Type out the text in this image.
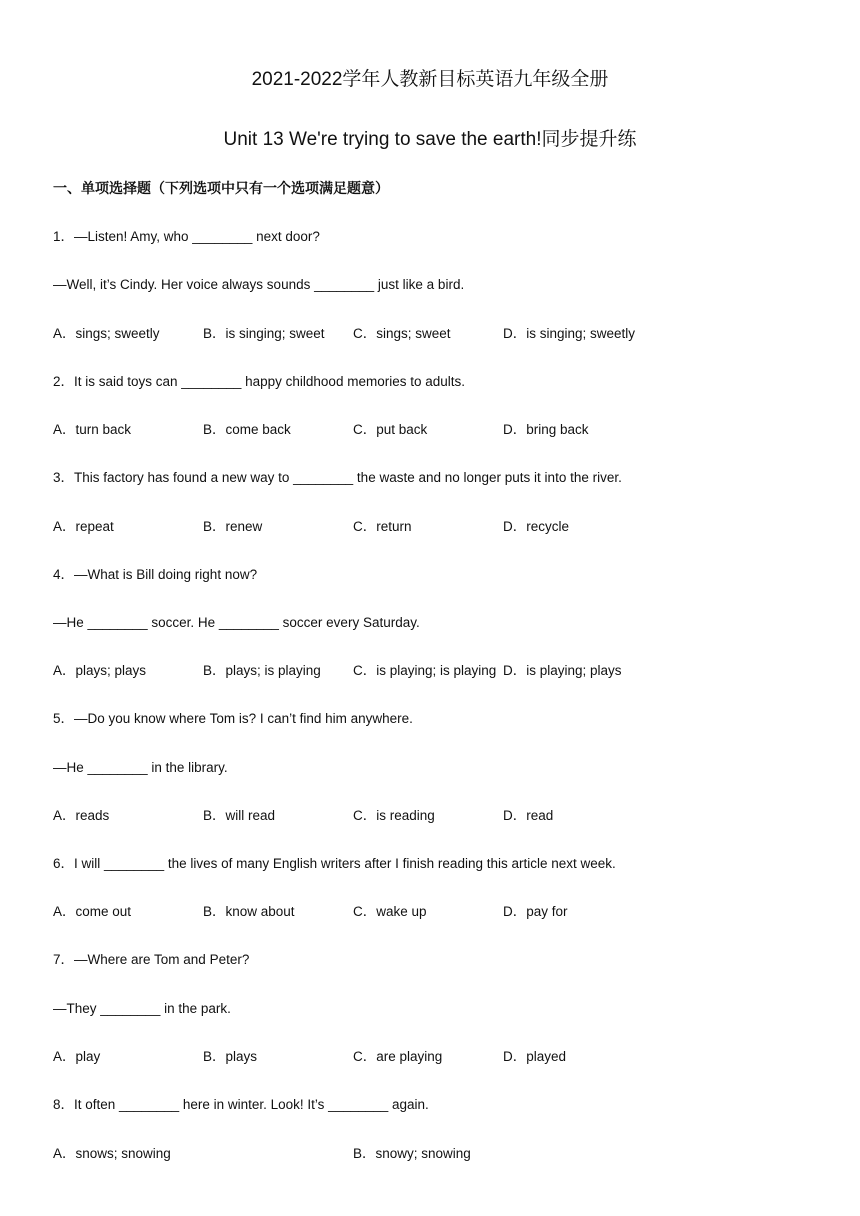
2021-2022学年人教新目标英语九年级全册
Unit 13 We're trying to save the earth!同步提升练
一、单项选择题（下列选项中只有一个选项满足题意）
1．—Listen! Amy, who ________ next door?
—Well, it’s Cindy. Her voice always sounds ________ just like a bird.
A．sings; sweetly	B．is singing; sweet C．sings; sweet	D．is singing; sweetly
2．It is said toys can ________ happy childhood memories to adults.
A．turn back	B．come back	C．put back	D．bring back
3．This factory has found a new way to ________ the waste and no longer puts it into the river.
A．repeat	B．renew	C．return	D．recycle
4．—What is Bill doing right now?
—He ________ soccer. He ________ soccer every Saturday.
A．plays; plays	B．plays; is playing C．is playing; is playing D．is playing; plays
5．—Do you know where Tom is? I can’t find him anywhere.
—He ________ in the library.
A．reads	B．will read	C．is reading	D．read
6．I will ________ the lives of many English writers after I finish reading this article next week.
A．come out	B．know about	C．wake up	D．pay for
7．—Where are Tom and Peter?
—They ________ in the park.
A．play	B．plays	C．are playing	D．played
8．It often ________ here in winter. Look! It’s ________ again.
A．snows; snowing	B．snowy; snowing
